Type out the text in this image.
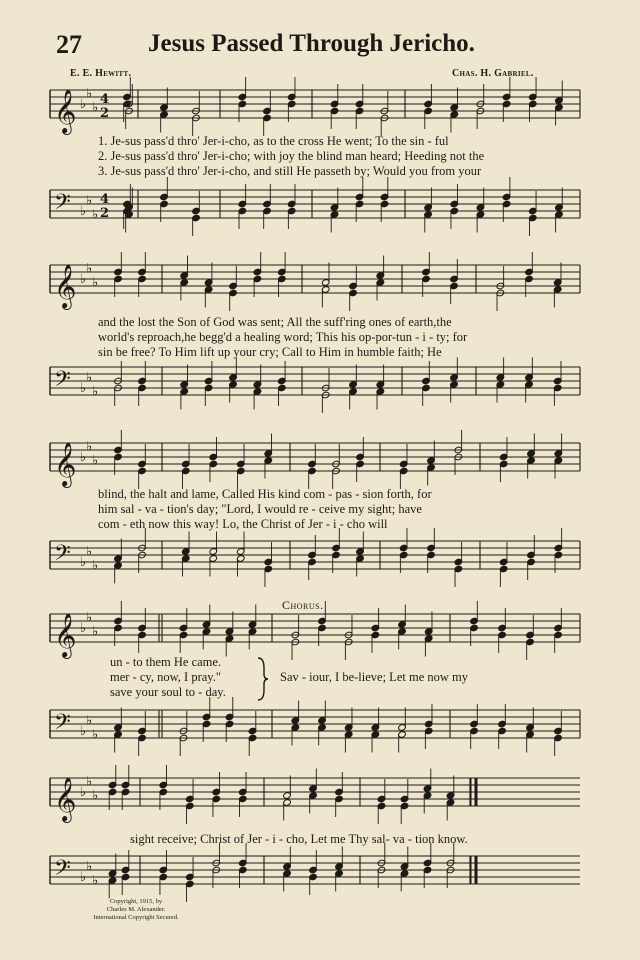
27	Jesus Passed Through Jericho.
E. E. Hewitt.	Chas. H. Gabriel.
𝄞 ♭
♭
♭
4
2
1. Je-sus pass'd thro' Jer-i-cho, as to the cross He went; To the sin - ful
2. Je-sus pass'd thro' Jer-i-cho; with joy the blind man heard; Heeding not the
3. Je-sus pass'd thro' Jer-i-cho, and still He passeth by; Would you from your
𝄢 ♭
♭
♭
4
2
𝄞 ♭
♭
♭
and the lost the Son of God was sent; All the suff'ring ones of earth,the
world's reproach,he begg'd a healing word; This his op-por-tun - i - ty; for
sin be free? To Him lift up your cry; Call to Him in humble faith; He
𝄢 ♭
♭
♭
𝄞 ♭
♭
♭
blind, the halt and lame, Called His kind com - pas - sion forth, for
him sal - va - tion's day; "Lord, I would re - ceive my sight; have
com - eth now this way! Lo, the Christ of Jer - i - cho will
𝄢 ♭
♭
♭
Chorus.
𝄞 ♭
♭
♭
un - to them He came.
mer - cy, now, I pray."
save your soul to - day.
Sav - iour, I be-lieve; Let me now my
𝄢 ♭
♭
♭
𝄞 ♭
♭
♭
sight receive; Christ of Jer - i - cho, Let me Thy sal- va - tion know.
𝄢 ♭
♭
♭
Copyright, 1915, by
Charles M. Alexander.
International Copyright Secured.
